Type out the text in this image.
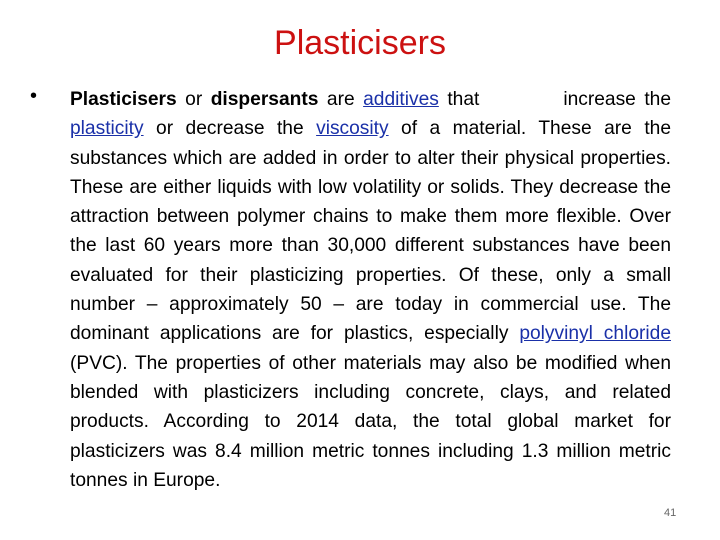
Plasticisers
• Plasticisers or dispersants are additives that	increase the plasticity or decrease the viscosity of a material. These are the substances which are added in order to alter their physical properties. These are either liquids with low volatility or solids. They decrease the attraction between polymer chains to make them more flexible. Over the last 60 years more than 30,000 different substances have been evaluated for their plasticizing properties. Of these, only a small number – approximately 50 – are today in commercial use. The dominant applications are for plastics, especially polyvinyl chloride (PVC). The properties of other materials may also be modified when blended with plasticizers including concrete, clays, and related products. According to 2014 data, the total global market for plasticizers was 8.4 million metric tonnes including 1.3 million metric tonnes in Europe.
41
